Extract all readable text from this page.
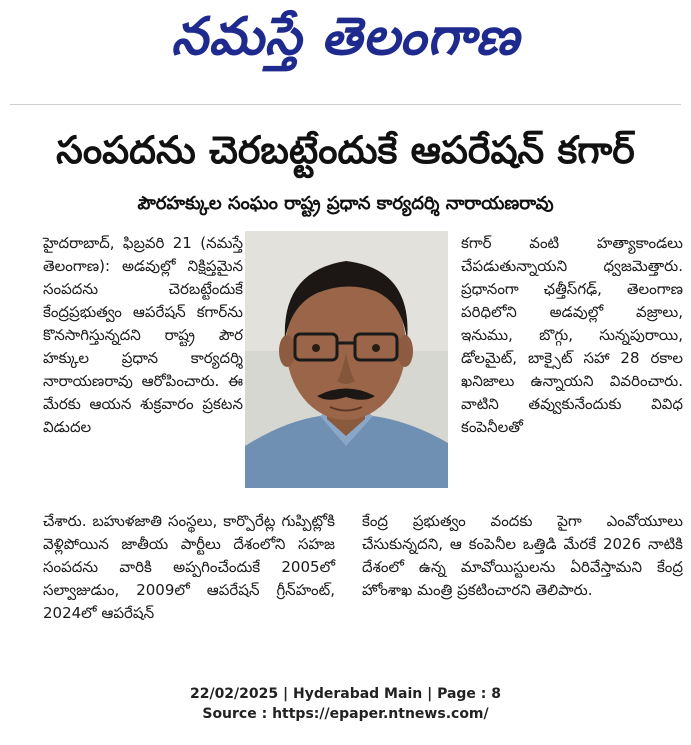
నమస్తే తెలంగాణ
సంపదను చెరబట్టేందుకే ఆపరేషన్ కగార్
పౌరహక్కుల సంఘం రాష్ట్ర ప్రధాన కార్యదర్శి నారాయణరావు

హైదరాబాద్, ఫిబ్రవరి 21 (నమస్తే తెలంగాణ): అడవుల్లో నిక్షిప్తమైన సంపదను చెరబట్టేందుకే కేంద్రప్రభుత్వం ఆపరేషన్ కగార్‌ను కొనసాగిస్తున్నదని రాష్ట్ర పౌర హక్కుల ప్రధాన కార్యదర్శి నారాయణరావు ఆరోపించారు. ఈ మేరకు ఆయన శుక్రవారం ప్రకటన విడుదల

కగార్ వంటి హత్యాకాండలు చేపడుతున్నాయని ధ్వజమెత్తారు. ప్రధానంగా ఛత్తీస్‌గఢ్, తెలంగాణ పరిధిలోని అడవుల్లో వజ్రాలు, ఇనుము, బొగ్గు, సున్నపురాయి, డోలమైట్, బాక్సైట్ సహా 28 రకాల ఖనిజాలు ఉన్నాయని వివరించారు. వాటిని తవ్వుకునేందుకు వివిధ కంపెనీలతో

చేశారు. బహుళజాతి సంస్థలు, కార్పొరేట్ల గుప్పిట్లోకి వెళ్లిపోయిన జాతీయ పార్టీలు దేశంలోని సహజ సంపదను వారికి అప్పగించేందుకే 2005లో సల్వాజుడుం, 2009లో ఆపరేషన్ గ్రీన్‌హంట్, 2024లో ఆపరేషన్

కేంద్ర ప్రభుత్వం వందకు పైగా ఎంవోయూలు చేసుకున్నదని, ఆ కంపెనీల ఒత్తిడి మేరకే 2026 నాటికి దేశంలో ఉన్న మావోయిస్టులను ఏరివేస్తామని కేంద్ర హోంశాఖ మంత్రి ప్రకటించారని తెలిపారు.

22/02/2025 | Hyderabad Main | Page : 8
Source : https://epaper.ntnews.com/
